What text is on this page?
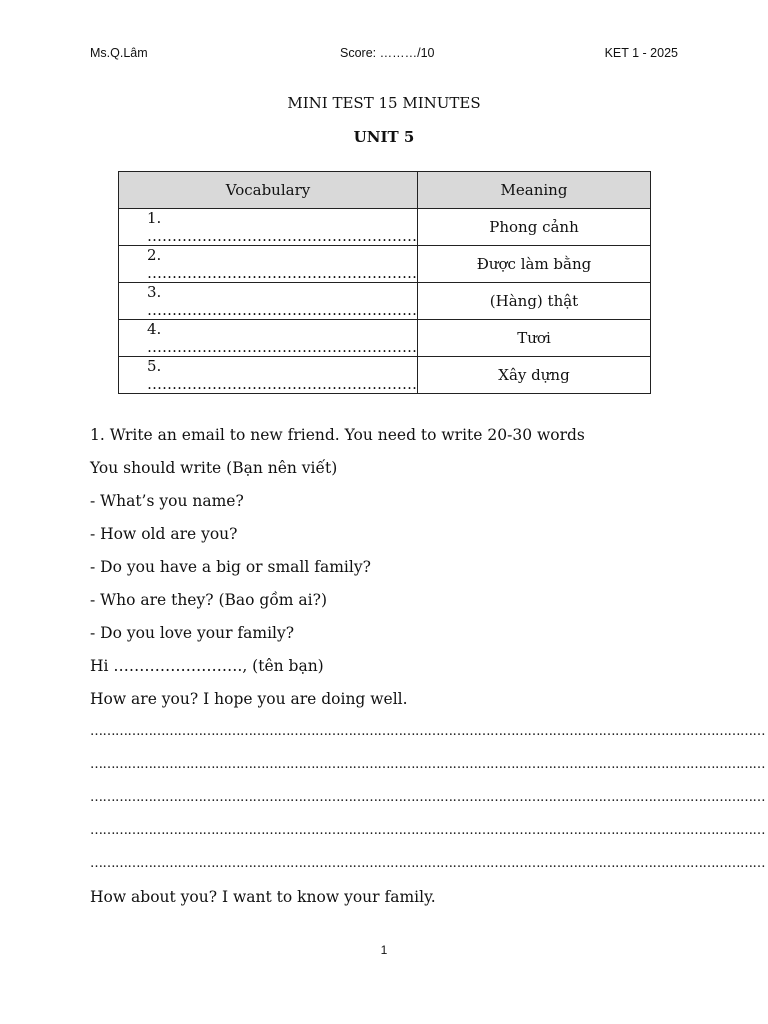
Ms.Q.Lâm	Score: ………/10	KET 1 - 2025
MINI TEST 15 MINUTES
UNIT 5
Vocabulary	Meaning
1.………………………………………………	Phong cảnh
2.………………………………………………	Được làm bằng
3.………………………………………………	(Hàng) thật
4.………………………………………………	Tươi
5.………………………………………………	Xây dựng
1. Write an email to new friend. You need to write 20-30 words
You should write (Bạn nên viết)
- What’s you name?
- How old are you?
- Do you have a big or small family?
- Who are they? (Bao gồm ai?)
- Do you love your family?
Hi ……………………., (tên bạn)
How are you? I hope you are doing well.
………………………………………………………………………………………………………………………………………………
………………………………………………………………………………………………………………………………………………
………………………………………………………………………………………………………………………………………………
………………………………………………………………………………………………………………………………………………
………………………………………………………………………………………………………………………………………………
How about you? I want to know your family.
1
